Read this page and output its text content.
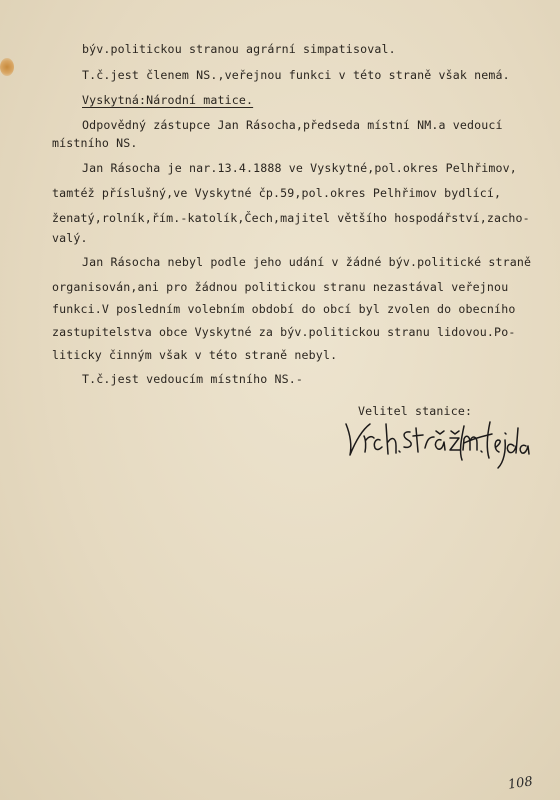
býv.politickou stranou agrární simpatisoval.
T.č.jest členem NS.,veřejnou funkci v této straně však nemá.
Vyskytná:Národní matice.
Odpovědný zástupce Jan Rásocha,předseda místní NM.a vedoucí
místního NS.
Jan Rásocha je nar.13.4.1888 ve Vyskytné,pol.okres Pelhřimov,
tamtéž příslušný,ve Vyskytné čp.59,pol.okres Pelhřimov bydlící,
ženatý,rolník,řím.-katolík,Čech,majitel většího hospodářství,zacho-
valý.
Jan Rásocha nebyl podle jeho udání v žádné býv.politické straně
organisován,ani pro žádnou politickou stranu nezastával veřejnou
funkci.V posledním volebním období do obcí byl zvolen do obecního
zastupitelstva obce Vyskytné za býv.politickou stranu lidovou.Po-
liticky činným však v této straně nebyl.
T.č.jest vedoucím místního NS.-
Velitel stanice:
108
